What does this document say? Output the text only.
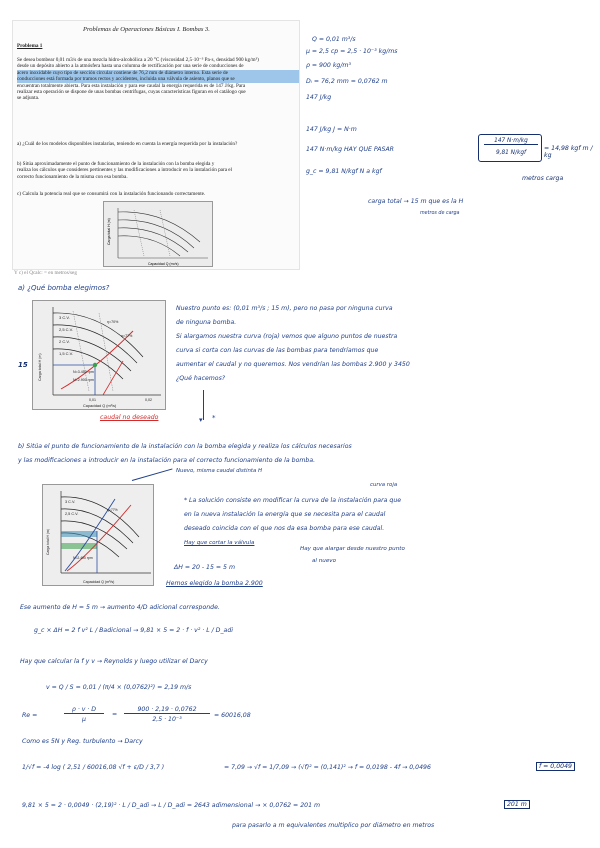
Problemas de Operaciones Básicas I. Bombas 3.
Problema 1
Se desea bombear 0,01 m3/s de una mezcla hidro-alcohólica a 20 °C (viscosidad 2,5·10⁻³ Pa·s, densidad 900 kg/m³)
desde un depósito abierto a la atmósfera hasta una columna de rectificación por una serie de conducciones de
acero inoxidable cuyo tipo de sección circular contiene de 76,2 mm de diámetro interno. Esta serie de
conducciones está formada por tramos rectos y accidentes, incluida una válvula de asiento, planos que se
encuentran totalmente abierta. Para esta instalación y para ese caudal la energía requerida es de 147 J/kg. Para
realizar esta operación se dispone de unas bombas centrífugas, cuyas características figuran en el catálogo que
se adjunta.
a) ¿Cuál de los modelos disponibles instalarías, teniendo en cuenta la energía requerida por la instalación?
b) Sitúa aproximadamente el punto de funcionamiento de la instalación con la bomba elegida y
realiza los cálculos que consideres pertinentes y las modificaciones a introducir en la instalación para el
correcto funcionamiento de la misma con esa bomba.
c) Calcula la potencia real que se consumirá con la instalación funcionando correctamente.
Carga total H (m)
Capacidad Q (m³/s)
Y c) el Qcalc: = en metros/seg
Q = 0,01 m³/s
μ = 2,5 cp = 2,5 · 10⁻³ kg/ms
ρ = 900 kg/m³
Dᵢ = 76,2 mm = 0,0762 m
147 J/kg
147 J/kg J = N·m
147 N·m/kg HAY QUE PASAR
g_c = 9,81 N/kgf N a kgf
147 N·m/kg
9,81 N/kgf
= 14,98 kgf m / kg
metros carga
carga total → 15 m que es la H
metros de carga
a) ¿Qué bomba elegimos?
3 C.V.
2,5 C.V.
2 C.V.
1,5 C.V.
η=70%
η=77%
N=3.450 rpm
N=2.900 rpm
Carga total H (m)
Capacidad Q (m³/s)
0,01	0,02
15
caudal no deseado
Nuestro punto es: (0,01 m³/s ; 15 m), pero no pasa por ninguna curva
de ninguna bomba.
Si alargamos nuestra curva (roja) vemos que alguno puntos de nuestra
curva si corta con las curvas de las bombas para tendríamos que
aumentar el caudal y no queremos. Nos vendrían las bombas 2.900 y 3450
¿Qué hacemos?
▾ *
b) Sitúa el punto de funcionamiento de la instalación con la bomba elegida y realiza los cálculos necesarios
y las modificaciones a introducir en la instalación para el correcto funcionamiento de la bomba.
3 C.V.
2,5 C.V.
η=77%
N=2.400 rpm
Carga total H (m)
Capacidad Q (m³/s)
Nuevo, misma caudal distinta H
curva roja
* La solución consiste en modificar la curva de la instalación para que
en la nueva instalación la energía que se necesita para el caudal
deseado coincida con el que nos da esa bomba para ese caudal.
Hay que cortar la válvula
Hay que alargar desde nuestro punto
al nuevo
ΔH = 20 - 15 = 5 m
Hemos elegido la bomba 2.900
Ese aumento de H = 5 m → aumento 4/D adicional corresponde.
g_c × ΔH = 2 f v² L / Badicional → 9,81 × 5 = 2 · f · v² · L / D_adi
Hay que calcular la f y v → Reynolds y luego utilizar el Darcy
v = Q / S = 0,01 / (π/4 × (0,0762)²) = 2,19 m/s
Re =
ρ · v · D
μ
=
900 · 2,19 · 0,0762
2,5 · 10⁻³
= 60016,08
Como es 5N y Reg. turbulento → Darcy
1/√f = -4 log ( 2,51 / 60016,08 √f + ε/D / 3,7 )	= 7,09 → √f = 1/7,09 → (√f)² = (0,141)² → f = 0,0198 - 4f → 0,0496	f = 0,0049
9,81 × 5 = 2 · 0,0049 · (2,19)² · L / D_adi → L / D_adi = 2643 adimensional → × 0,0762 = 201 m	201 m
para pasarlo a m equivalentes multiplico por diámetro en metros
